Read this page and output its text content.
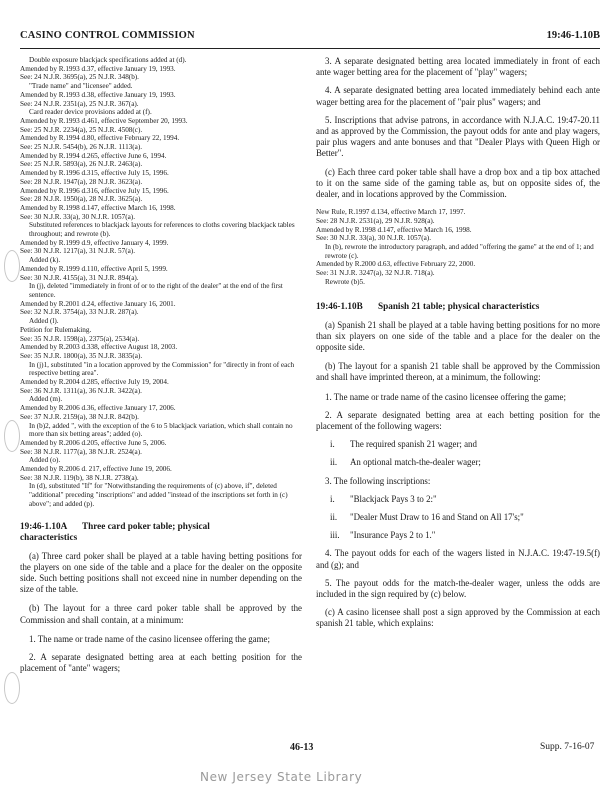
CASINO CONTROL COMMISSION	19:46-1.10B

Double exposure blackjack specifications added at (d).

Amended by R.1993 d.37, effective January 19, 1993.

See: 24 N.J.R. 3695(a), 25 N.J.R. 348(b).

"Trade name" and "licensee" added.

Amended by R.1993 d.38, effective January 19, 1993.

See: 24 N.J.R. 2351(a), 25 N.J.R. 367(a).

Card reader device provisions added at (f).

Amended by R.1993 d.461, effective September 20, 1993.

See: 25 N.J.R. 2234(a), 25 N.J.R. 4508(c).

Amended by R.1994 d.80, effective February 22, 1994.

See: 25 N.J.R. 5454(b), 26 N.J.R. 1113(a).

Amended by R.1994 d.265, effective June 6, 1994.

See: 25 N.J.R. 5893(a), 26 N.J.R. 2463(a).

Amended by R.1996 d.315, effective July 15, 1996.

See: 28 N.J.R. 1947(a), 28 N.J.R. 3623(a).

Amended by R.1996 d.316, effective July 15, 1996.

See: 28 N.J.R. 1950(a), 28 N.J.R. 3625(a).

Amended by R.1998 d.147, effective March 16, 1998.

See: 30 N.J.R. 33(a), 30 N.J.R. 1057(a).

Substituted references to blackjack layouts for references to cloths covering blackjack tables throughout; and rewrote (b).

Amended by R.1999 d.9, effective January 4, 1999.

See: 30 N.J.R. 1217(a), 31 N.J.R. 57(a).

Added (k).

Amended by R.1999 d.110, effective April 5, 1999.

See: 30 N.J.R. 4155(a), 31 N.J.R. 894(a).

In (j), deleted "immediately in front of or to the right of the dealer" at the end of the first sentence.

Amended by R.2001 d.24, effective January 16, 2001.

See: 32 N.J.R. 3754(a), 33 N.J.R. 287(a).

Added (l).

Petition for Rulemaking.

See: 35 N.J.R. 1598(a), 2375(a), 2534(a).

Amended by R.2003 d.338, effective August 18, 2003.

See: 35 N.J.R. 1800(a), 35 N.J.R. 3835(a).

In (j)1, substituted "in a location approved by the Commission" for "directly in front of each respective betting area".

Amended by R.2004 d.285, effective July 19, 2004.

See: 36 N.J.R. 1311(a), 36 N.J.R. 3422(a).

Added (m).

Amended by R.2006 d.36, effective January 17, 2006.

See: 37 N.J.R. 2159(a), 38 N.J.R. 842(b).

In (b)2, added ", with the exception of the 6 to 5 blackjack variation, which shall contain no more than six betting areas"; added (o).

Amended by R.2006 d.205, effective June 5, 2006.

See: 38 N.J.R. 1177(a), 38 N.J.R. 2524(a).

Added (o).

Amended by R.2006 d. 217, effective June 19, 2006.

See: 38 N.J.R. 119(b), 38 N.J.R. 2738(a).

In (d), substituted "If" for "Notwithstanding the requirements of (c) above, if", deleted "additional" preceding "inscriptions" and added "instead of the inscriptions set forth in (c) above"; and added (p).

19:46-1.10A Three card poker table; physical characteristics

(a) Three card poker shall be played at a table having betting positions for the players on one side of the table and a place for the dealer on the opposite side. Such betting positions shall not exceed nine in number depending on the size of the table.

(b) The layout for a three card poker table shall be approved by the Commission and shall contain, at a minimum:

1. The name or trade name of the casino licensee offering the game;

2. A separate designated betting area at each betting position for the placement of "ante" wagers;

3. A separate designated betting area located immediately in front of each ante wager betting area for the placement of "play" wagers;

4. A separate designated betting area located immediately behind each ante wager betting area for the placement of "pair plus" wagers; and

5. Inscriptions that advise patrons, in accordance with N.J.A.C. 19:47-20.11 and as approved by the Commission, the payout odds for ante and play wagers, pair plus wagers and ante bonuses and that "Dealer Plays with Queen High or Better".

(c) Each three card poker table shall have a drop box and a tip box attached to it on the same side of the gaming table as, but on opposite sides of, the dealer, and in locations approved by the Commission.

New Rule, R.1997 d.134, effective March 17, 1997.

See: 28 N.J.R. 2531(a), 29 N.J.R. 928(a).

Amended by R.1998 d.147, effective March 16, 1998.

See: 30 N.J.R. 33(a), 30 N.J.R. 1057(a).

In (b), rewrote the introductory paragraph, and added "offering the game" at the end of 1; and rewrote (c).

Amended by R.2000 d.63, effective February 22, 2000.

See: 31 N.J.R. 3247(a), 32 N.J.R. 718(a).

Rewrote (b)5.

19:46-1.10B Spanish 21 table; physical characteristics

(a) Spanish 21 shall be played at a table having betting positions for no more than six players on one side of the table and a place for the dealer on the opposite side.

(b) The layout for a spanish 21 table shall be approved by the Commission and shall have imprinted thereon, at a minimum, the following:

1. The name or trade name of the casino licensee offering the game;

2. A separate designated betting area at each betting position for the placement of the following wagers:

i. The required spanish 21 wager; and
ii. An optional match-the-dealer wager;

3. The following inscriptions:

i. "Blackjack Pays 3 to 2:"
ii. "Dealer Must Draw to 16 and Stand on All 17's;"
iii. "Insurance Pays 2 to 1."

4. The payout odds for each of the wagers listed in N.J.A.C. 19:47-19.5(f) and (g); and

5. The payout odds for the match-the-dealer wager, unless the odds are included in the sign required by (c) below.

(c) A casino licensee shall post a sign approved by the Commission at each spanish 21 table, which explains:

46-13	Supp. 7-16-07
New Jersey State Library
